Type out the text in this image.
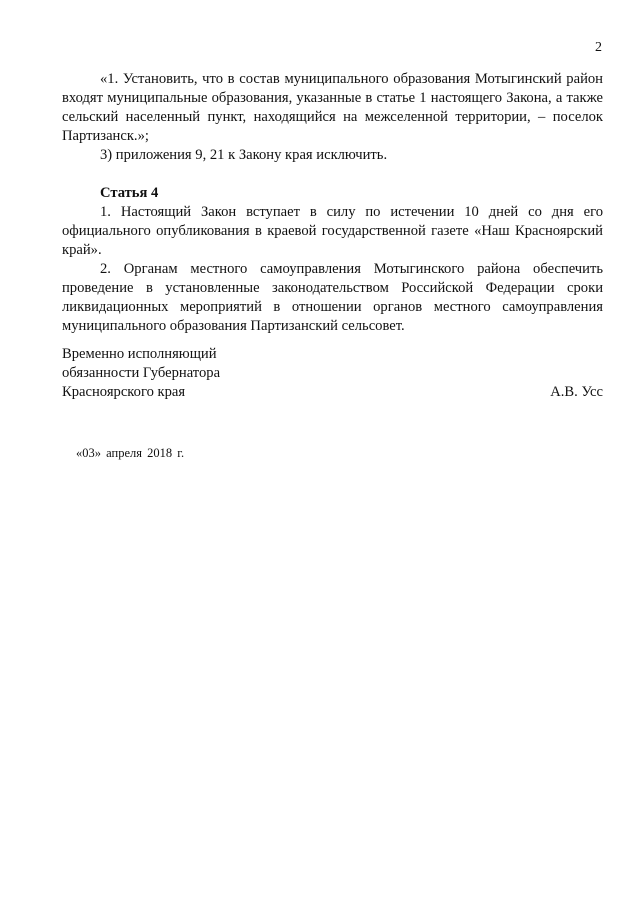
2

«1. Установить, что в состав муниципального образования Мотыгинский район входят муниципальные образования, указанные в статье 1 настоящего Закона, а также сельский населенный пункт, находящийся на межселенной территории, – поселок Партизанск.»;

3) приложения 9, 21 к Закону края исключить.

Статья 4

1. Настоящий Закон вступает в силу по истечении 10 дней со дня его официального опубликования в краевой государственной газете «Наш Красноярский край».

2. Органам местного самоуправления Мотыгинского района обеспечить проведение в установленные законодательством Российской Федерации сроки ликвидационных мероприятий в отношении органов местного самоуправления муниципального образования Партизанский сельсовет.

Временно исполняющий
обязанности Губернатора
Красноярского края	А.В. Усс
«03» апреля 2018 г.
